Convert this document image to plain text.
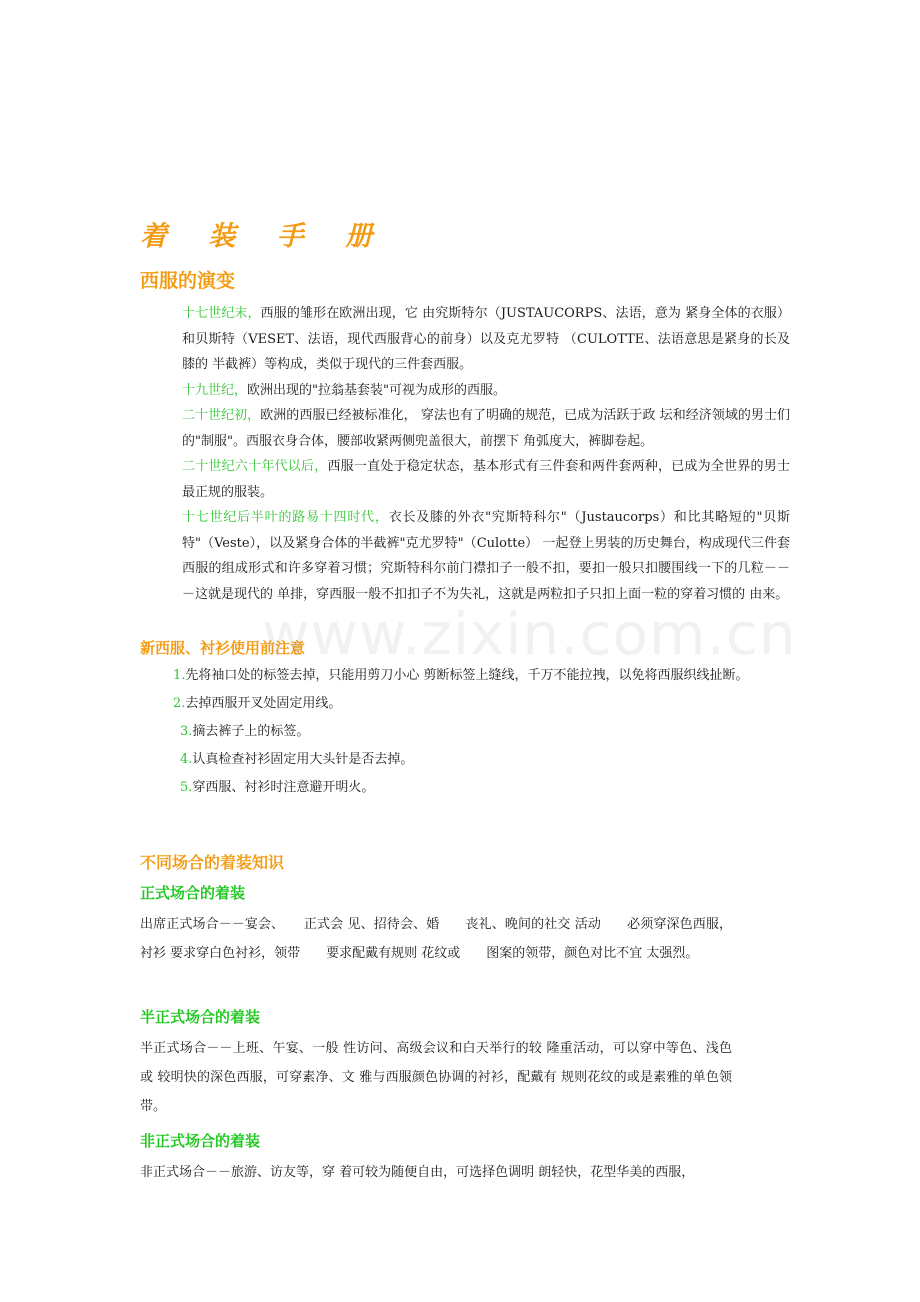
着 装 手 册
西服的演变

十七世纪末，西服的雏形在欧洲出现，它 由究斯特尔（JUSTAUCORPS、法语，意为 紧身全体的衣服）和贝斯特（VESET、法语，现代西服背心的前身）以及克尤罗特 （CULOTTE、法语意思是紧身的长及膝的 半截裤）等构成，类似于现代的三件套西服。

十九世纪，欧洲出现的"拉翁基套装"可视为成形的西服。

二十世纪初，欧洲的西服已经被标准化， 穿法也有了明确的规范，已成为活跃于政 坛和经济领域的男士们的"制服"。西服衣身合体，腰部收紧两侧兜盖很大，前摆下 角弧度大，裤脚卷起。

二十世纪六十年代以后，西服一直处于稳定状态，基本形式有三件套和两件套两种，已成为全世界的男士最正规的服装。

十七世纪后半叶的路易十四时代，衣长及膝的外衣"究斯特科尔"（Justaucorps）和比其略短的"贝斯特"（Veste），以及紧身合体的半截裤"克尤罗特"（Culotte） 一起登上男装的历史舞台，构成现代三件套西服的组成形式和许多穿着习惯；究斯特科尔前门襟扣子一般不扣，要扣一般只扣腰围线一下的几粒－－－这就是现代的 单排，穿西服一般不扣扣子不为失礼，这就是两粒扣子只扣上面一粒的穿着习惯的 由来。

新西服、衬衫使用前注意
1.先将袖口处的标签去掉，只能用剪刀小心 剪断标签上缝线，千万不能拉拽，以免将西服织线扯断。
2.去掉西服开叉处固定用线。
3.摘去裤子上的标签。
4.认真检查衬衫固定用大头针是否去掉。
5.穿西服、衬衫时注意避开明火。
不同场合的着装知识
正式场合的着装

出席正式场合－－宴会、　　正式会 见、招待会、婚　　丧礼、晚间的社交 活动　　必须穿深色西服，衬衫 要求穿白色衬衫，领带　　要求配戴有规则 花纹或　　图案的领带，颜色对比不宜 太强烈。

半正式场合的着装

半正式场合－－上班、午宴、一般 性访问、高级会议和白天举行的较 隆重活动，可以穿中等色、浅色或 较明快的深色西服，可穿素净、文 雅与西服颜色协调的衬衫，配戴有 规则花纹的或是素雅的单色领带。

非正式场合的着装

非正式场合－－旅游、访友等，穿 着可较为随便自由，可选择色调明 朗轻快，花型华美的西服，

www.zixin.com.cn
